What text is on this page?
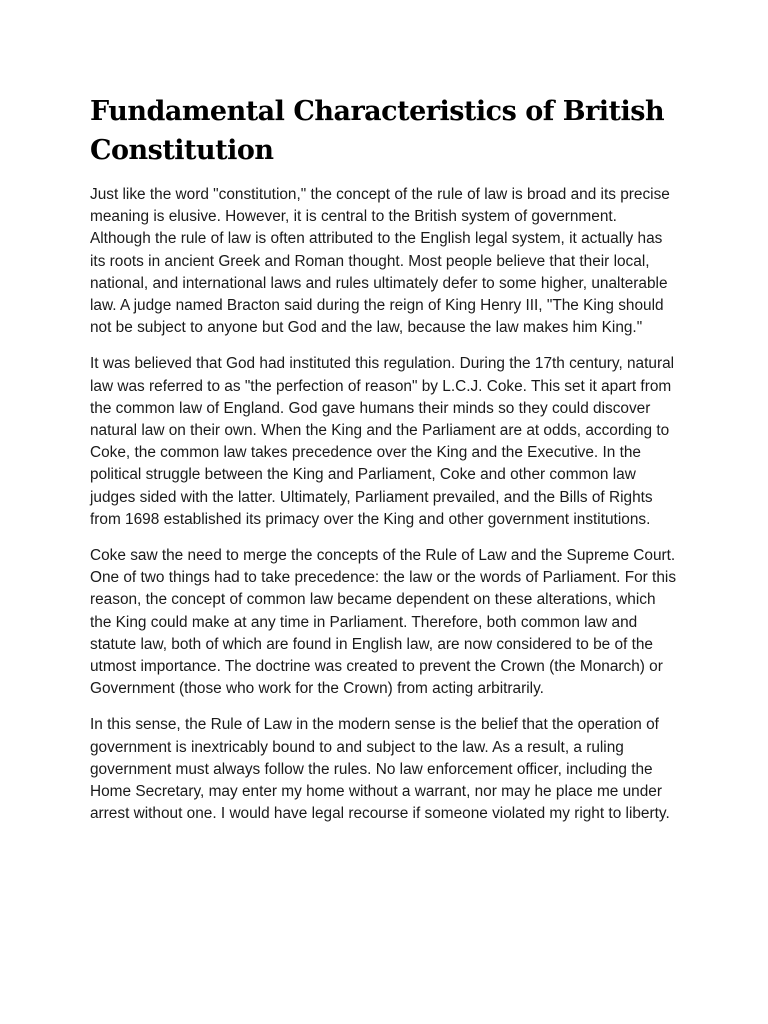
Fundamental Characteristics of British Constitution

Just like the word "constitution," the concept of the rule of law is broad and its precise meaning is elusive. However, it is central to the British system of government. Although the rule of law is often attributed to the English legal system, it actually has its roots in ancient Greek and Roman thought. Most people believe that their local, national, and international laws and rules ultimately defer to some higher, unalterable law. A judge named Bracton said during the reign of King Henry III, "The King should not be subject to anyone but God and the law, because the law makes him King."

It was believed that God had instituted this regulation. During the 17th century, natural law was referred to as "the perfection of reason" by L.C.J. Coke. This set it apart from the common law of England. God gave humans their minds so they could discover natural law on their own. When the King and the Parliament are at odds, according to Coke, the common law takes precedence over the King and the Executive. In the political struggle between the King and Parliament, Coke and other common law judges sided with the latter. Ultimately, Parliament prevailed, and the Bills of Rights from 1698 established its primacy over the King and other government institutions.

Coke saw the need to merge the concepts of the Rule of Law and the Supreme Court. One of two things had to take precedence: the law or the words of Parliament. For this reason, the concept of common law became dependent on these alterations, which the King could make at any time in Parliament. Therefore, both common law and statute law, both of which are found in English law, are now considered to be of the utmost importance. The doctrine was created to prevent the Crown (the Monarch) or Government (those who work for the Crown) from acting arbitrarily.

In this sense, the Rule of Law in the modern sense is the belief that the operation of government is inextricably bound to and subject to the law. As a result, a ruling government must always follow the rules. No law enforcement officer, including the Home Secretary, may enter my home without a warrant, nor may he place me under arrest without one. I would have legal recourse if someone violated my right to liberty.
